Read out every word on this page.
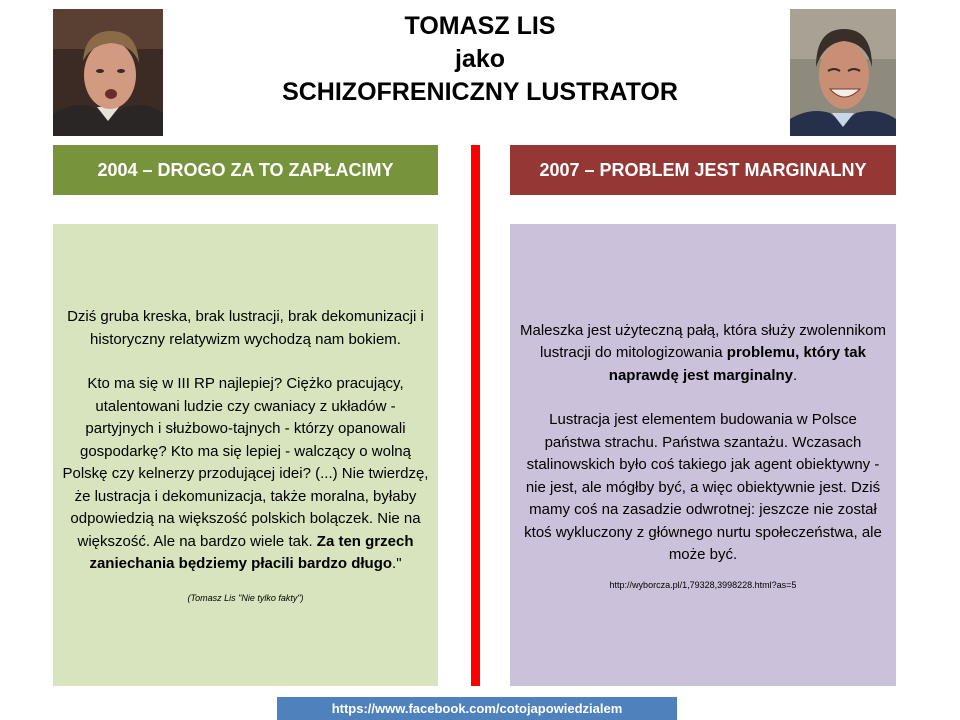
TOMASZ LIS
jako
SCHIZOFRENICZNY LUSTRATOR
2004 – DROGO ZA TO ZAPŁACIMY	2007 – PROBLEM JEST MARGINALNY

Dziś gruba kreska, brak lustracji, brak dekomunizacji i historyczny relatywizm wychodzą nam bokiem.

Kto ma się w III RP najlepiej? Ciężko pracujący, utalentowani ludzie czy cwaniacy z układów - partyjnych i służbowo-tajnych - którzy opanowali gospodarkę? Kto ma się lepiej - walczący o wolną Polskę czy kelnerzy przodującej idei? (...) Nie twierdzę, że lustracja i dekomunizacja, także moralna, byłaby odpowiedzią na większość polskich bolączek. Nie na większość. Ale na bardzo wiele tak. Za ten grzech zaniechania będziemy płacili bardzo długo."

(Tomasz Lis "Nie tylko fakty")

Maleszka jest użyteczną pałą, która służy zwolennikom lustracji do mitologizowania problemu, który tak naprawdę jest marginalny.

Lustracja jest elementem budowania w Polsce państwa strachu. Państwa szantażu. Wczasach stalinowskich było coś takiego jak agent obiektywny - nie jest, ale mógłby być, a więc obiektywnie jest. Dziś mamy coś na zasadzie odwrotnej: jeszcze nie został ktoś wykluczony z głównego nurtu społeczeństwa, ale może być.

http://wyborcza.pl/1,79328,3998228.html?as=5

https://www.facebook.com/cotojapowiedzialem
